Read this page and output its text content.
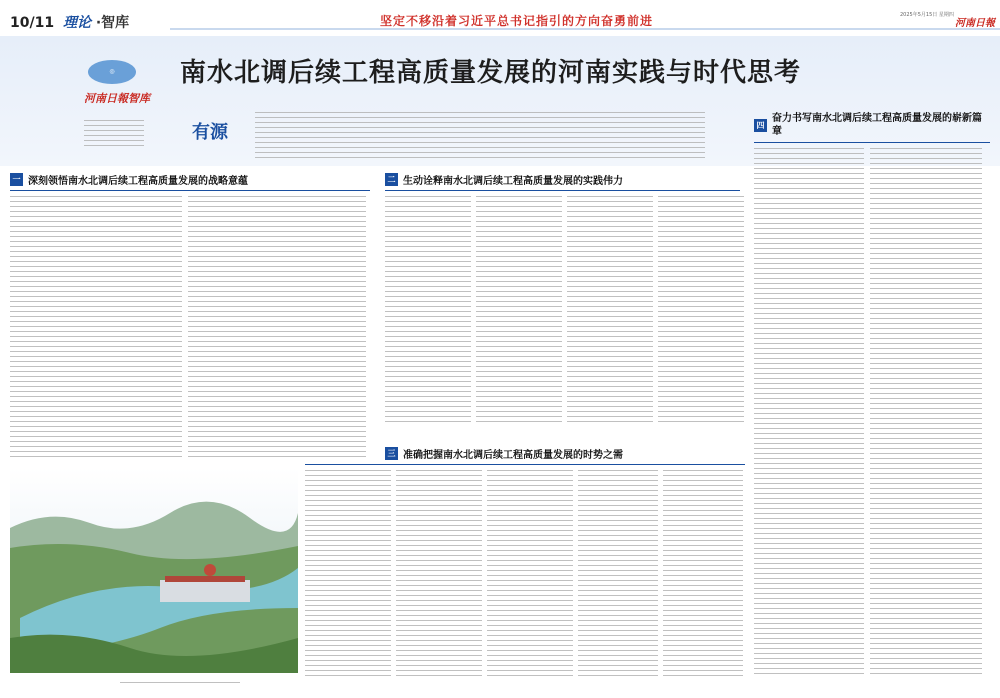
10/11 理论 ·智库	坚定不移沿着习近平总书记指引的方向奋勇前进	2025年5月15日 星期四
河南日報
◎
河南日報智库
南水北调后续工程高质量发展的河南实践与时代思考
有源
一 深刻领悟南水北调后续工程高质量发展的战略意蕴	二 生动诠释南水北调后续工程高质量发展的实践伟力
三 准确把握南水北调后续工程高质量发展的时势之需
四
奋力书写南水北调后续工程高质量发展的崭新篇章
